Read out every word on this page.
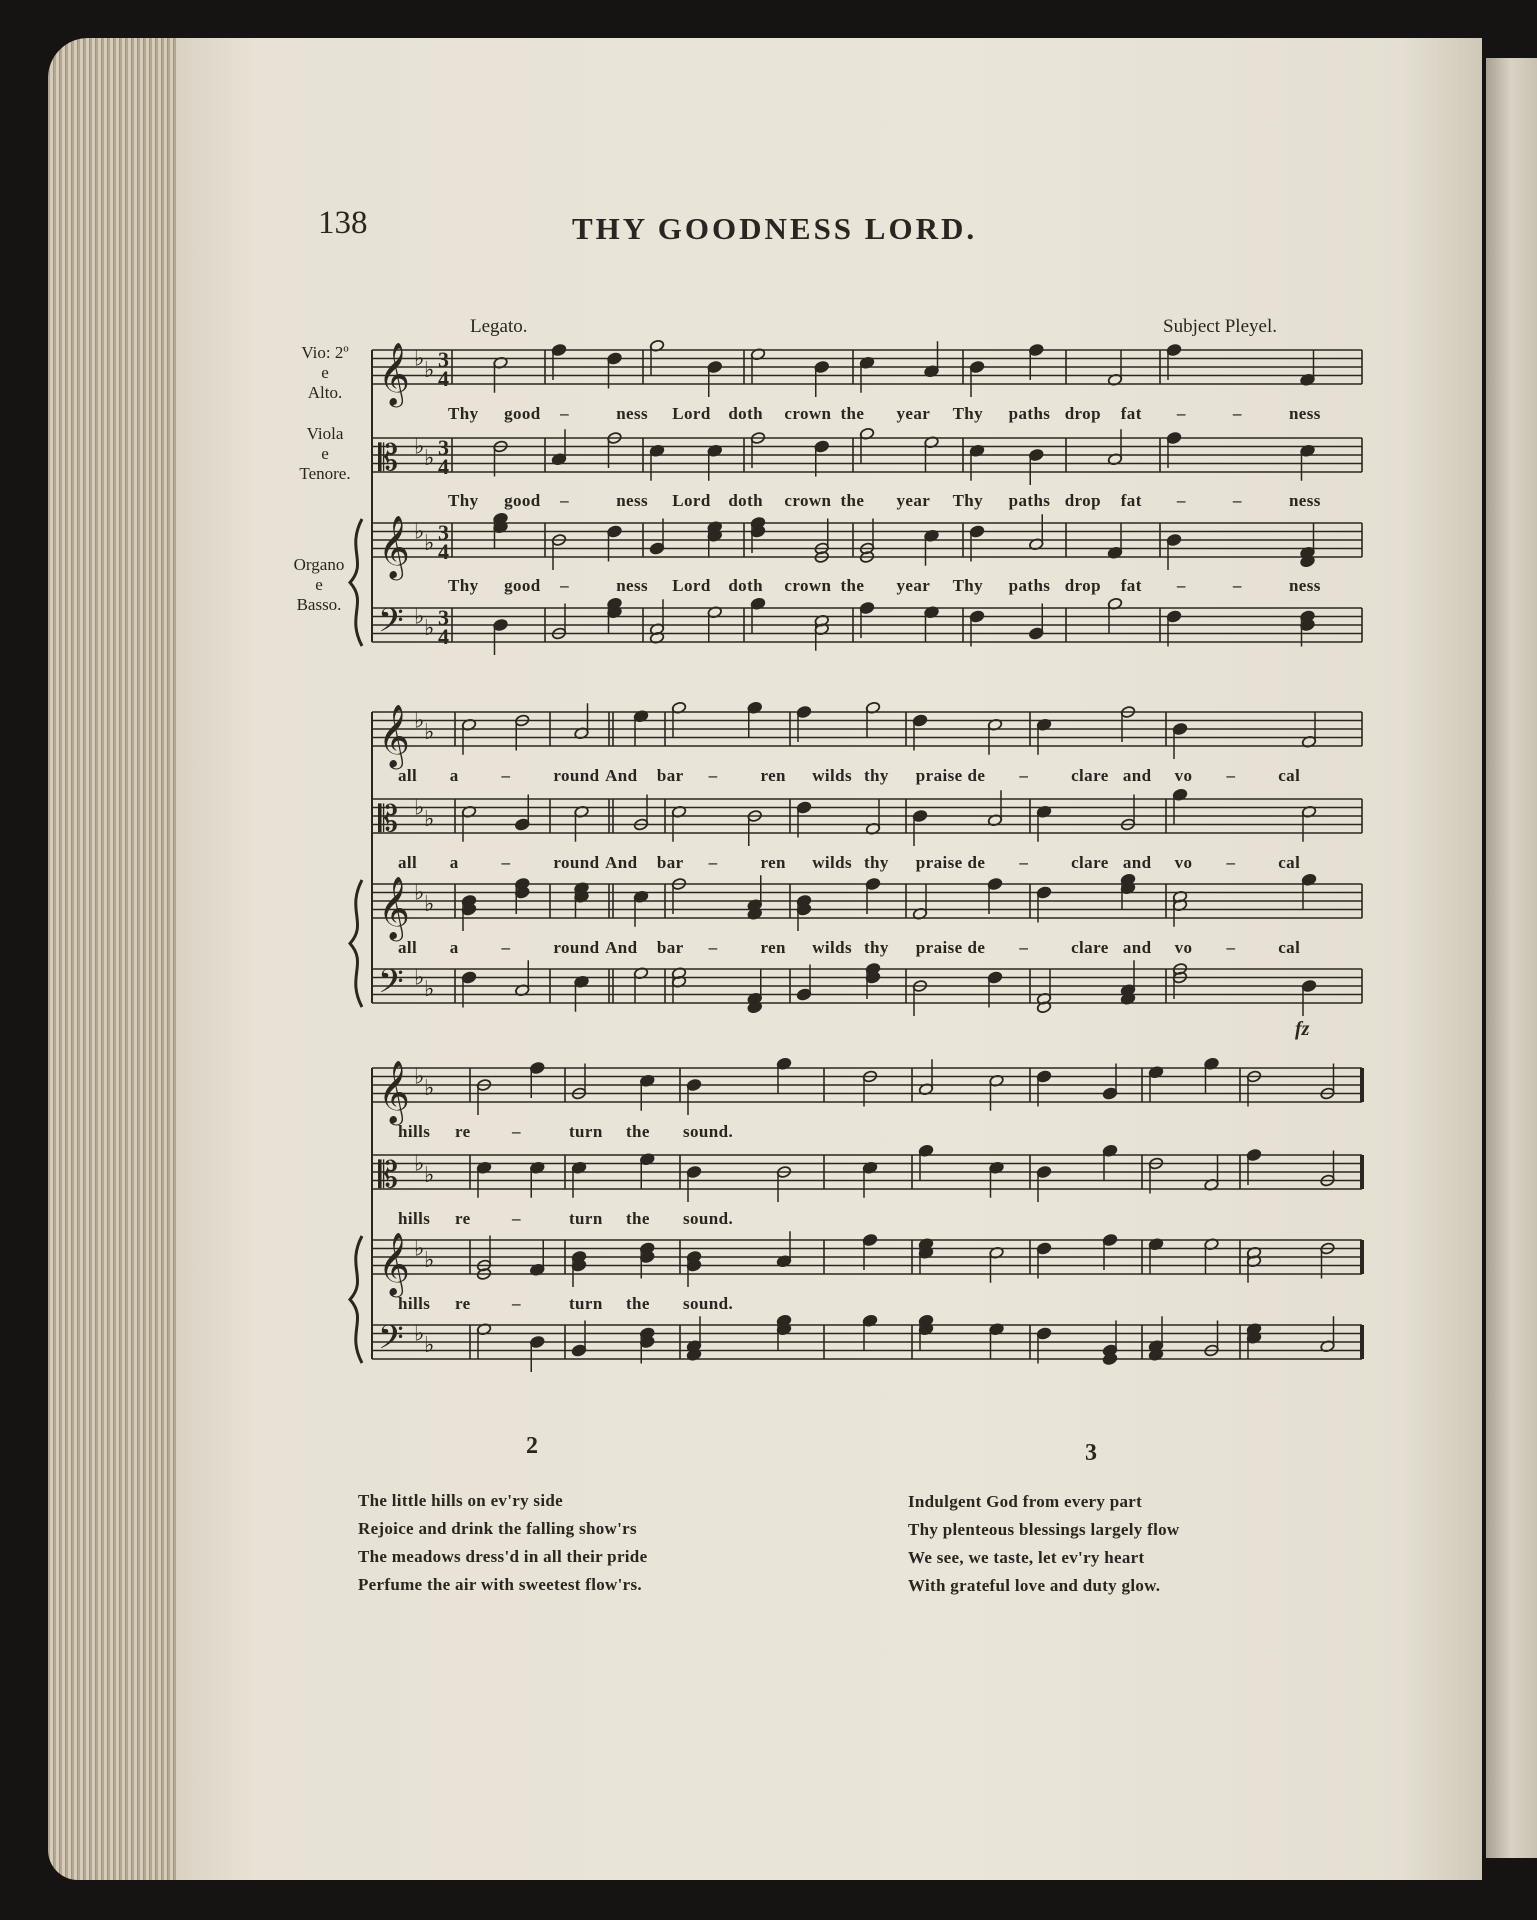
138	THY GOODNESS LORD.
Legato.	Subject Pleyel.
Vio: 2º
e
Alto.
Viola
e
Tenore.
Organo
e
Basso.
𝄞 ♭ ♭ 3
4
𝄡 ♭ ♭ 3
4
𝄞 ♭ ♭ 3
4
𝄢 ♭ ♭ 3
4
𝄞 ♭ ♭
𝄡 ♭ ♭
𝄞 ♭ ♭
𝄢 ♭ ♭
𝄞 ♭ ♭
𝄡 ♭ ♭
𝄞 ♭ ♭
𝄢 ♭ ♭
fz
Thy good –	ness Lord doth crown the year Thy paths drop fat –	–	ness
Thy good –	ness Lord doth crown the year Thy paths drop fat –	–	ness
Thy good –	ness Lord doth crown the year Thy paths drop fat –	–	ness
all a	–	round And bar –	ren wilds thy praise de –	clare and vo –	cal
all a	–	round And bar –	ren wilds thy praise de –	clare and vo –	cal
all a	–	round And bar –	ren wilds thy praise de –	clare and vo –	cal
hills re –	turn the sound.
hills re –	turn the sound.
hills re –	turn the sound.
2
The little hills on ev'ry side
Rejoice and drink the falling show'rs
The meadows dress'd in all their pride
Perfume the air with sweetest flow'rs.
3
Indulgent God from every part
Thy plenteous blessings largely flow
We see, we taste, let ev'ry heart
With grateful love and duty glow.
